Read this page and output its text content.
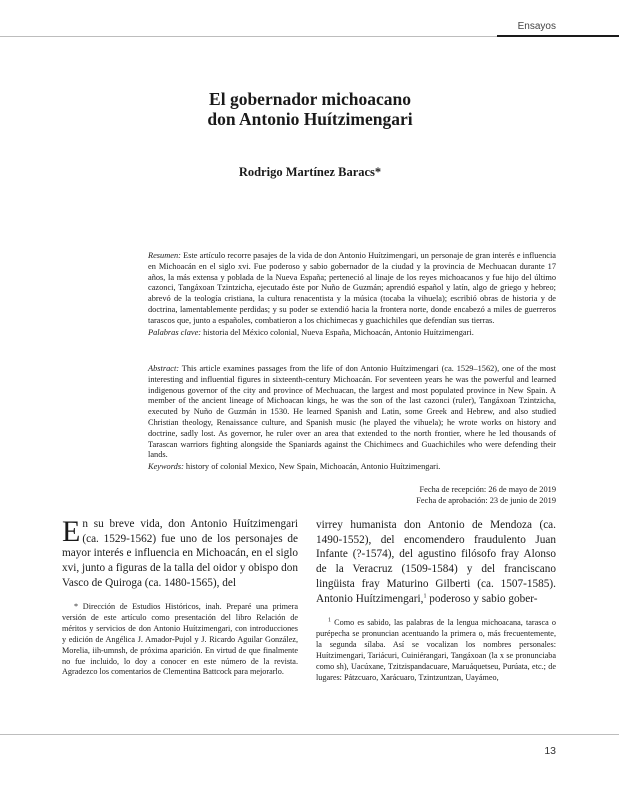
Ensayos
El gobernador michoacano
don Antonio Huítzimengari
Rodrigo Martínez Baracs*
Resumen: Este artículo recorre pasajes de la vida de don Antonio Huítzimengari, un personaje de gran interés e influencia en Michoacán en el siglo xvi. Fue poderoso y sabio gobernador de la ciudad y la provincia de Mechuacan durante 17 años, la más extensa y poblada de la Nueva España; perteneció al linaje de los reyes michoacanos y fue hijo del último cazonci, Tangáxoan Tzintzicha, ejecutado éste por Nuño de Guzmán; aprendió español y latín, algo de griego y hebreo; abrevó de la teología cristiana, la cultura renacentista y la música (tocaba la vihuela); escribió obras de historia y de doctrina, lamentablemente perdidas; y su poder se extendió hacia la frontera norte, donde encabezó a miles de guerreros tarascos que, junto a españoles, combatieron a los chichimecas y guachichiles que defendían sus tierras.
Palabras clave: historia del México colonial, Nueva España, Michoacán, Antonio Huítzimengari.
Abstract: This article examines passages from the life of don Antonio Huítzimengari (ca. 1529–1562), one of the most interesting and influential figures in sixteenth-century Michoacán. For seventeen years he was the powerful and learned indigenous governor of the city and province of Mechuacan, the largest and most populated province in New Spain. A member of the ancient lineage of Michoacan kings, he was the son of the last cazonci (ruler), Tangáxoan Tzintzicha, executed by Nuño de Guzmán in 1530. He learned Spanish and Latin, some Greek and Hebrew, and also studied Christian theology, Renaissance culture, and Spanish music (he played the vihuela); he wrote works on history and doctrine, sadly lost. As governor, he ruler over an area that extended to the north frontier, where he led thousands of Tarascan warriors fighting alongside the Spaniards against the Chichimecs and Guachichiles who were defending their lands.
Keywords: history of colonial Mexico, New Spain, Michoacán, Antonio Huítzimengari.
Fecha de recepción: 26 de mayo de 2019
Fecha de aprobación: 23 de junio de 2019
En su breve vida, don Antonio Huítzimengari (ca. 1529-1562) fue uno de los personajes de mayor interés e influencia en Michoacán, en el siglo xvi, junto a figuras de la talla del oidor y obispo don Vasco de Quiroga (ca. 1480-1565), del
virrey humanista don Antonio de Mendoza (ca. 1490-1552), del encomendero fraudulento Juan Infante (?-1574), del agustino filósofo fray Alonso de la Veracruz (1509-1584) y del franciscano lingüista fray Maturino Gilberti (ca. 1507-1585). Antonio Huítzimengari,$^1$ poderoso y sabio gober-
* Dirección de Estudios Históricos, inah. Preparé una primera versión de este artículo como presentación del libro Relación de méritos y servicios de don Antonio Huítzimengari, con introducciones y edición de Angélica J. Amador-Pujol y J. Ricardo Aguilar González, Morelia, iih-umnsh, de próxima aparición. En virtud de que finalmente no fue incluido, lo doy a conocer en este número de la revista. Agradezco los comentarios de Clementina Battcock para mejorarlo.
$^1$ Como es sabido, las palabras de la lengua michoacana, tarasca o purépecha se pronuncian acentuando la primera o, más frecuentemente, la segunda sílaba. Así se vocalizan los nombres personales: Huítzimengari, Tariácuri, Cuiniérangari, Tangáxoan (la x se pronunciaba como sh), Uacúxane, Tzitzispandacuare, Maruáquetseu, Purúata, etc.; de lugares: Pátzcuaro, Xarácuaro, Tzintzuntzan, Uayámeo,
13
